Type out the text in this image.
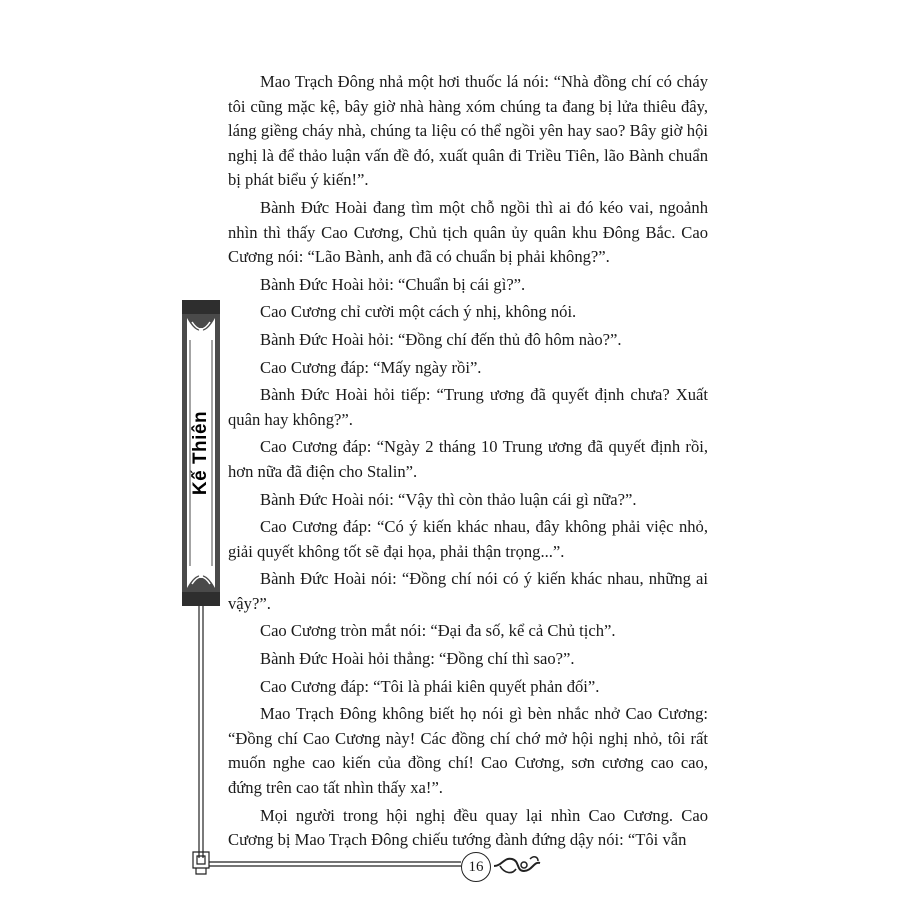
Kế Thiên

Mao Trạch Đông nhả một hơi thuốc lá nói: “Nhà đồng chí có cháy tôi cũng mặc kệ, bây giờ nhà hàng xóm chúng ta đang bị lửa thiêu đây, láng giềng cháy nhà, chúng ta liệu có thể ngồi yên hay sao? Bây giờ hội nghị là để thảo luận vấn đề đó, xuất quân đi Triều Tiên, lão Bành chuẩn bị phát biểu ý kiến!”.

Bành Đức Hoài đang tìm một chỗ ngồi thì ai đó kéo vai, ngoảnh nhìn thì thấy Cao Cương, Chủ tịch quân ủy quân khu Đông Bắc. Cao Cương nói: “Lão Bành, anh đã có chuẩn bị phải không?”.

Bành Đức Hoài hỏi: “Chuẩn bị cái gì?”.

Cao Cương chỉ cười một cách ý nhị, không nói.

Bành Đức Hoài hỏi: “Đồng chí đến thủ đô hôm nào?”.

Cao Cương đáp: “Mấy ngày rồi”.

Bành Đức Hoài hỏi tiếp: “Trung ương đã quyết định chưa? Xuất quân hay không?”.

Cao Cương đáp: “Ngày 2 tháng 10 Trung ương đã quyết định rồi, hơn nữa đã điện cho Stalin”.

Bành Đức Hoài nói: “Vậy thì còn thảo luận cái gì nữa?”.

Cao Cương đáp: “Có ý kiến khác nhau, đây không phải việc nhỏ, giải quyết không tốt sẽ đại họa, phải thận trọng...”.

Bành Đức Hoài nói: “Đồng chí nói có ý kiến khác nhau, những ai vậy?”.

Cao Cương tròn mắt nói: “Đại đa số, kể cả Chủ tịch”.

Bành Đức Hoài hỏi thẳng: “Đồng chí thì sao?”.

Cao Cương đáp: “Tôi là phái kiên quyết phản đối”.

Mao Trạch Đông không biết họ nói gì bèn nhắc nhở Cao Cương: “Đồng chí Cao Cương này! Các đồng chí chớ mở hội nghị nhỏ, tôi rất muốn nghe cao kiến của đồng chí! Cao Cương, sơn cương cao cao, đứng trên cao tất nhìn thấy xa!”.

Mọi người trong hội nghị đều quay lại nhìn Cao Cương. Cao Cương bị Mao Trạch Đông chiếu tướng đành đứng dậy nói: “Tôi vẫn

16
